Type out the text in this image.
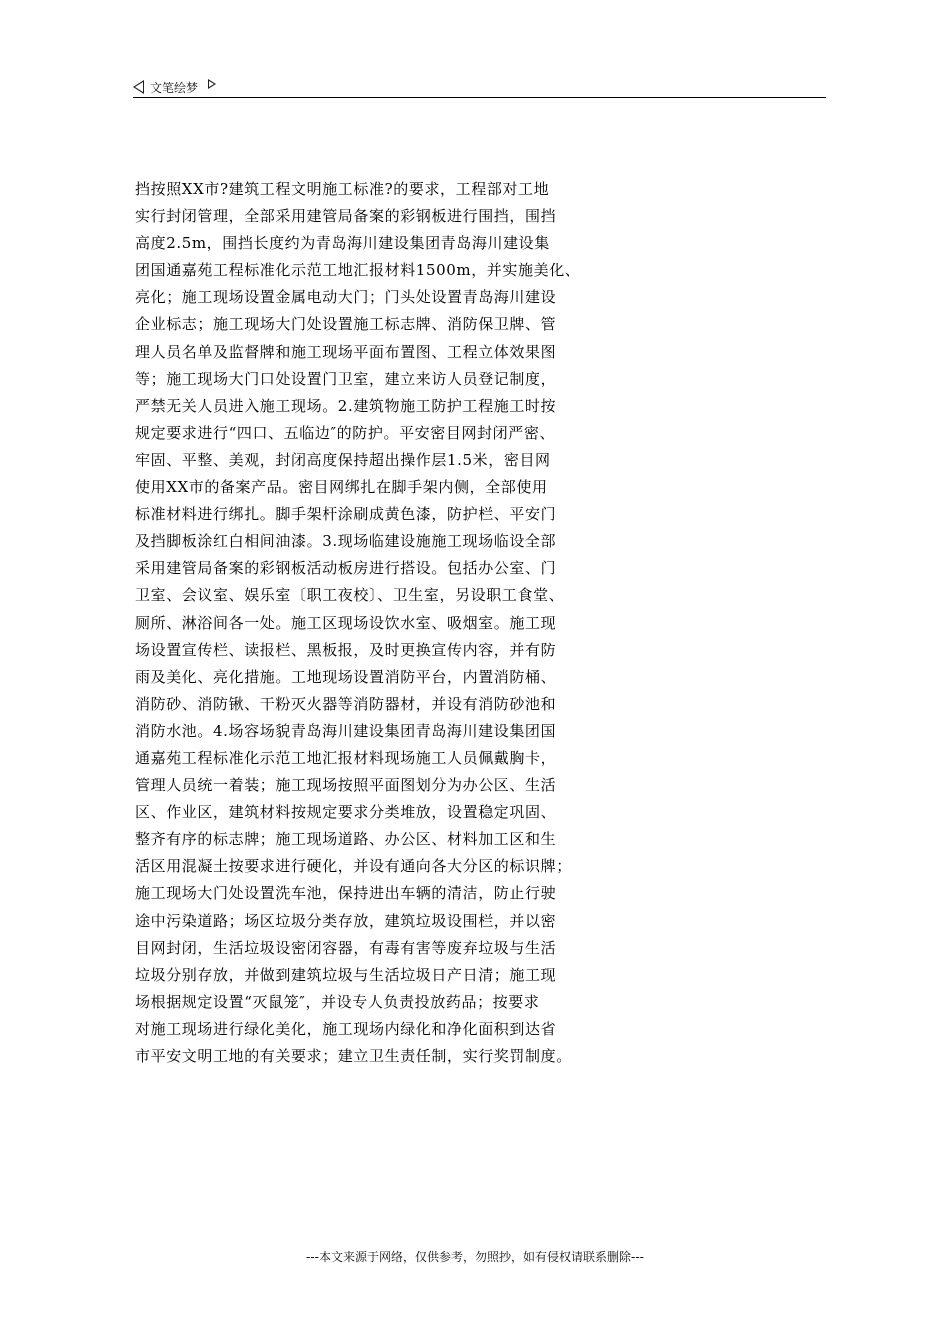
文笔绘梦
挡按照XX市?建筑工程文明施工标准?的要求，工程部对工地
实行封闭管理，全部采用建管局备案的彩钢板进行围挡，围挡
高度2.5m，围挡长度约为青岛海川建设集团青岛海川建设集
团国通嘉苑工程标准化示范工地汇报材料1500m，并实施美化、
亮化；施工现场设置金属电动大门；门头处设置青岛海川建设
企业标志；施工现场大门处设置施工标志牌、消防保卫牌、管
理人员名单及监督牌和施工现场平面布置图、工程立体效果图
等；施工现场大门口处设置门卫室，建立来访人员登记制度，
严禁无关人员进入施工现场。2.建筑物施工防护工程施工时按
规定要求进行“四口、五临边″的防护。平安密目网封闭严密、
牢固、平整、美观，封闭高度保持超出操作层1.5米，密目网
使用XX市的备案产品。密目网绑扎在脚手架内侧，全部使用
标准材料进行绑扎。脚手架杆涂刷成黄色漆，防护栏、平安门
及挡脚板涂红白相间油漆。3.现场临建设施施工现场临设全部
采用建管局备案的彩钢板活动板房进行搭设。包括办公室、门
卫室、会议室、娱乐室〔职工夜校〕、卫生室，另设职工食堂、
厕所、淋浴间各一处。施工区现场设饮水室、吸烟室。施工现
场设置宣传栏、读报栏、黑板报，及时更换宣传内容，并有防
雨及美化、亮化措施。工地现场设置消防平台，内置消防桶、
消防砂、消防锹、干粉灭火器等消防器材，并设有消防砂池和
消防水池。4.场容场貌青岛海川建设集团青岛海川建设集团国
通嘉苑工程标准化示范工地汇报材料现场施工人员佩戴胸卡，
管理人员统一着装；施工现场按照平面图划分为办公区、生活
区、作业区，建筑材料按规定要求分类堆放，设置稳定巩固、
整齐有序的标志牌；施工现场道路、办公区、材料加工区和生
活区用混凝土按要求进行硬化，并设有通向各大分区的标识牌；
施工现场大门处设置洗车池，保持进出车辆的清洁，防止行驶
途中污染道路；场区垃圾分类存放，建筑垃圾设围栏，并以密
目网封闭，生活垃圾设密闭容器，有毒有害等废弃垃圾与生活
垃圾分别存放，并做到建筑垃圾与生活垃圾日产日清；施工现
场根据规定设置“灭鼠笼″，并设专人负责投放药品；按要求
对施工现场进行绿化美化，施工现场内绿化和净化面积到达省
市平安文明工地的有关要求；建立卫生责任制，实行奖罚制度。
---本文来源于网络，仅供参考，勿照抄，如有侵权请联系删除---
